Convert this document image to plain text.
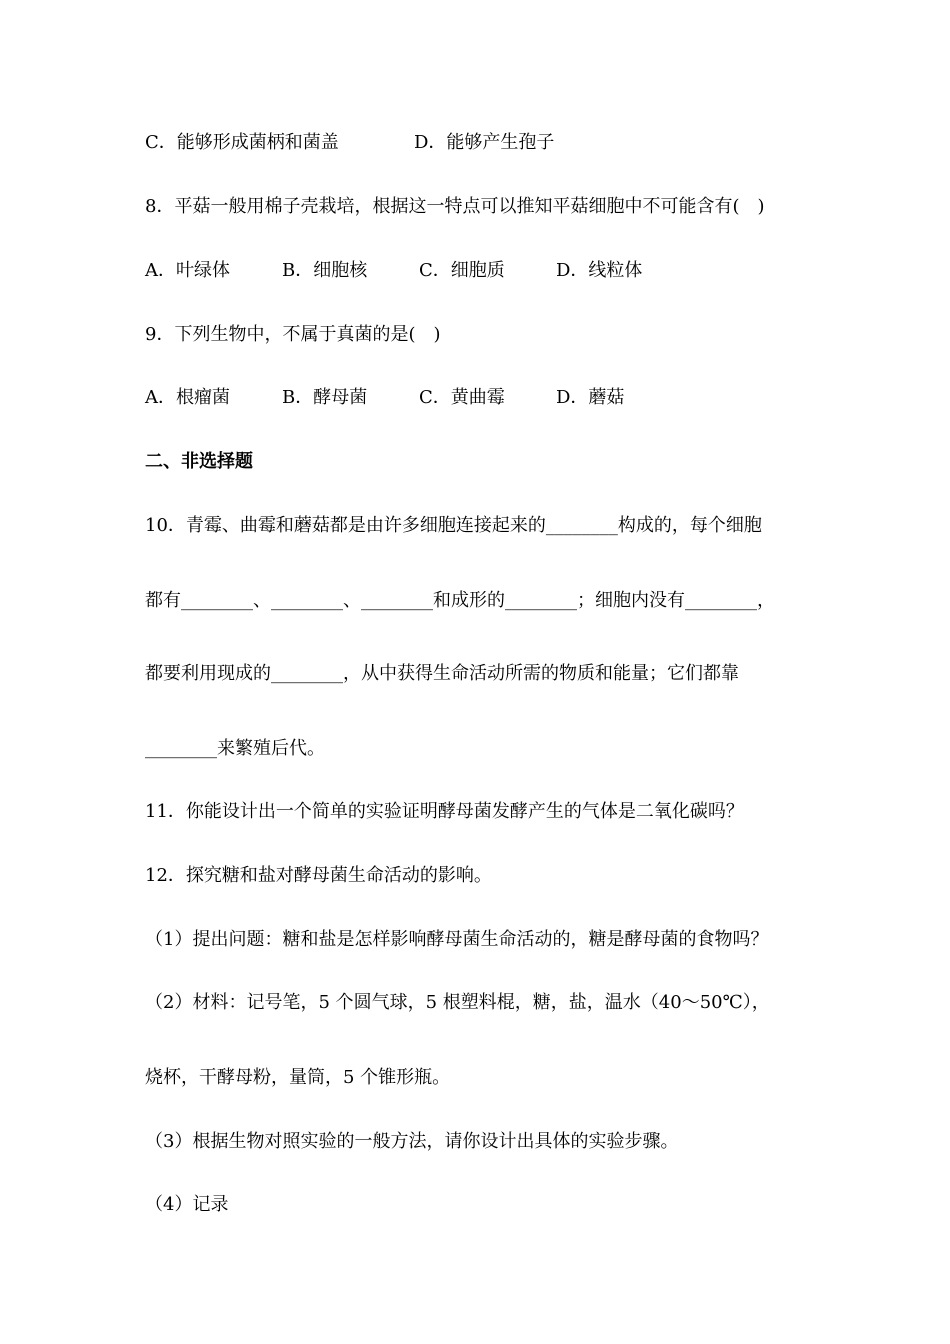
C．能够形成菌柄和菌盖	D．能够产生孢子
8．平菇一般用棉子壳栽培，根据这一特点可以推知平菇细胞中不可能含有(　)
A．叶绿体	B．细胞核	C．细胞质	D．线粒体
9．下列生物中，不属于真菌的是(　)
A．根瘤菌	B．酵母菌	C．黄曲霉	D．蘑菇
二、非选择题
10．青霉、曲霉和蘑菇都是由许多细胞连接起来的________构成的，每个细胞
都有________、________、________和成形的________；细胞内没有________，
都要利用现成的________，从中获得生命活动所需的物质和能量；它们都靠
________来繁殖后代。
11．你能设计出一个简单的实验证明酵母菌发酵产生的气体是二氧化碳吗？
12．探究糖和盐对酵母菌生命活动的影响。
（1）提出问题：糖和盐是怎样影响酵母菌生命活动的，糖是酵母菌的食物吗？
（2）材料：记号笔，5 个圆气球，5 根塑料棍，糖，盐，温水（40～50℃），
烧杯，干酵母粉，量筒，5 个锥形瓶。
（3）根据生物对照实验的一般方法，请你设计出具体的实验步骤。
（4）记录
